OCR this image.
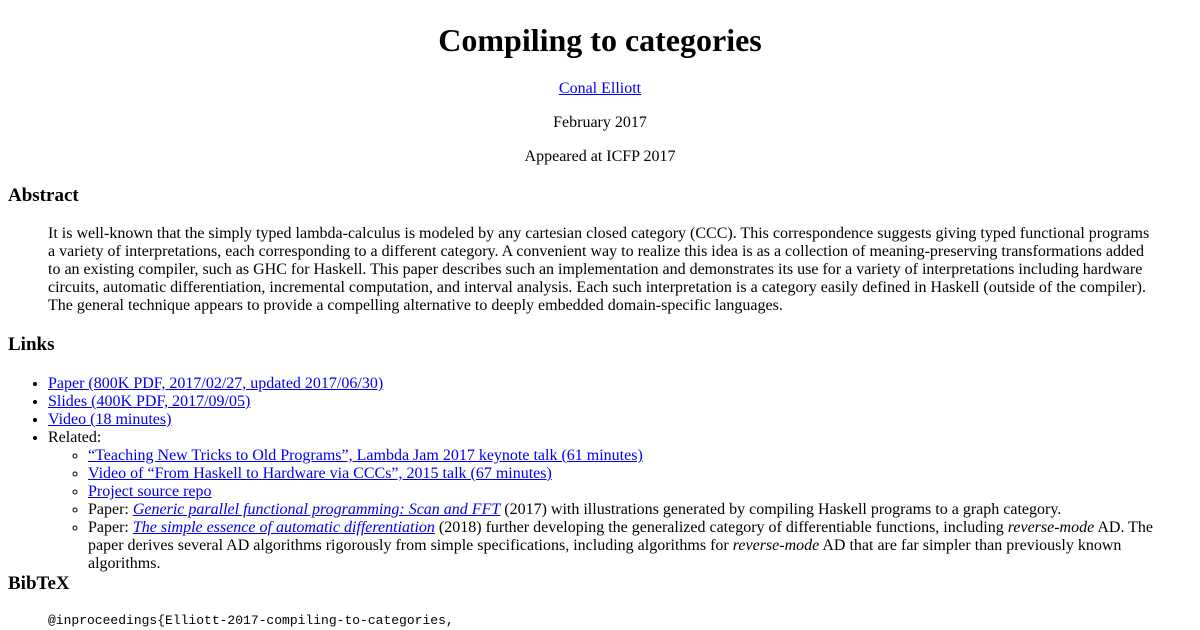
Compiling to categories
Conal Elliott
February 2017
Appeared at ICFP 2017
Abstract

It is well-known that the simply typed lambda-calculus is modeled by any cartesian closed category (CCC). This correspondence suggests giving typed functional programs a variety of interpretations, each corresponding to a different category. A convenient way to realize this idea is as a collection of meaning-preserving transformations added to an existing compiler, such as GHC for Haskell. This paper describes such an implementation and demonstrates its use for a variety of interpretations including hardware circuits, automatic differentiation, incremental computation, and interval analysis. Each such interpretation is a category easily defined in Haskell (outside of the compiler). The general technique appears to provide a compelling alternative to deeply embedded domain-specific languages.

Links
• Paper (800K PDF, 2017/02/27, updated 2017/06/30)
• Slides (400K PDF, 2017/09/05)
• Video (18 minutes)
• Related:
◦ “Teaching New Tricks to Old Programs”, Lambda Jam 2017 keynote talk (61 minutes)
◦ Video of “From Haskell to Hardware via CCCs”, 2015 talk (67 minutes)
◦ Project source repo
◦ Paper: Generic parallel functional programming: Scan and FFT (2017) with illustrations generated by compiling Haskell programs to a graph category.
◦ Paper: The simple essence of automatic differentiation (2018) further developing the generalized category of differentiable functions, including reverse-mode AD. The paper derives several AD algorithms rigorously from simple specifications, including algorithms for reverse-mode AD that are far simpler than previously known algorithms.
BibTeX
@inproceedings{Elliott-2017-compiling-to-categories,
